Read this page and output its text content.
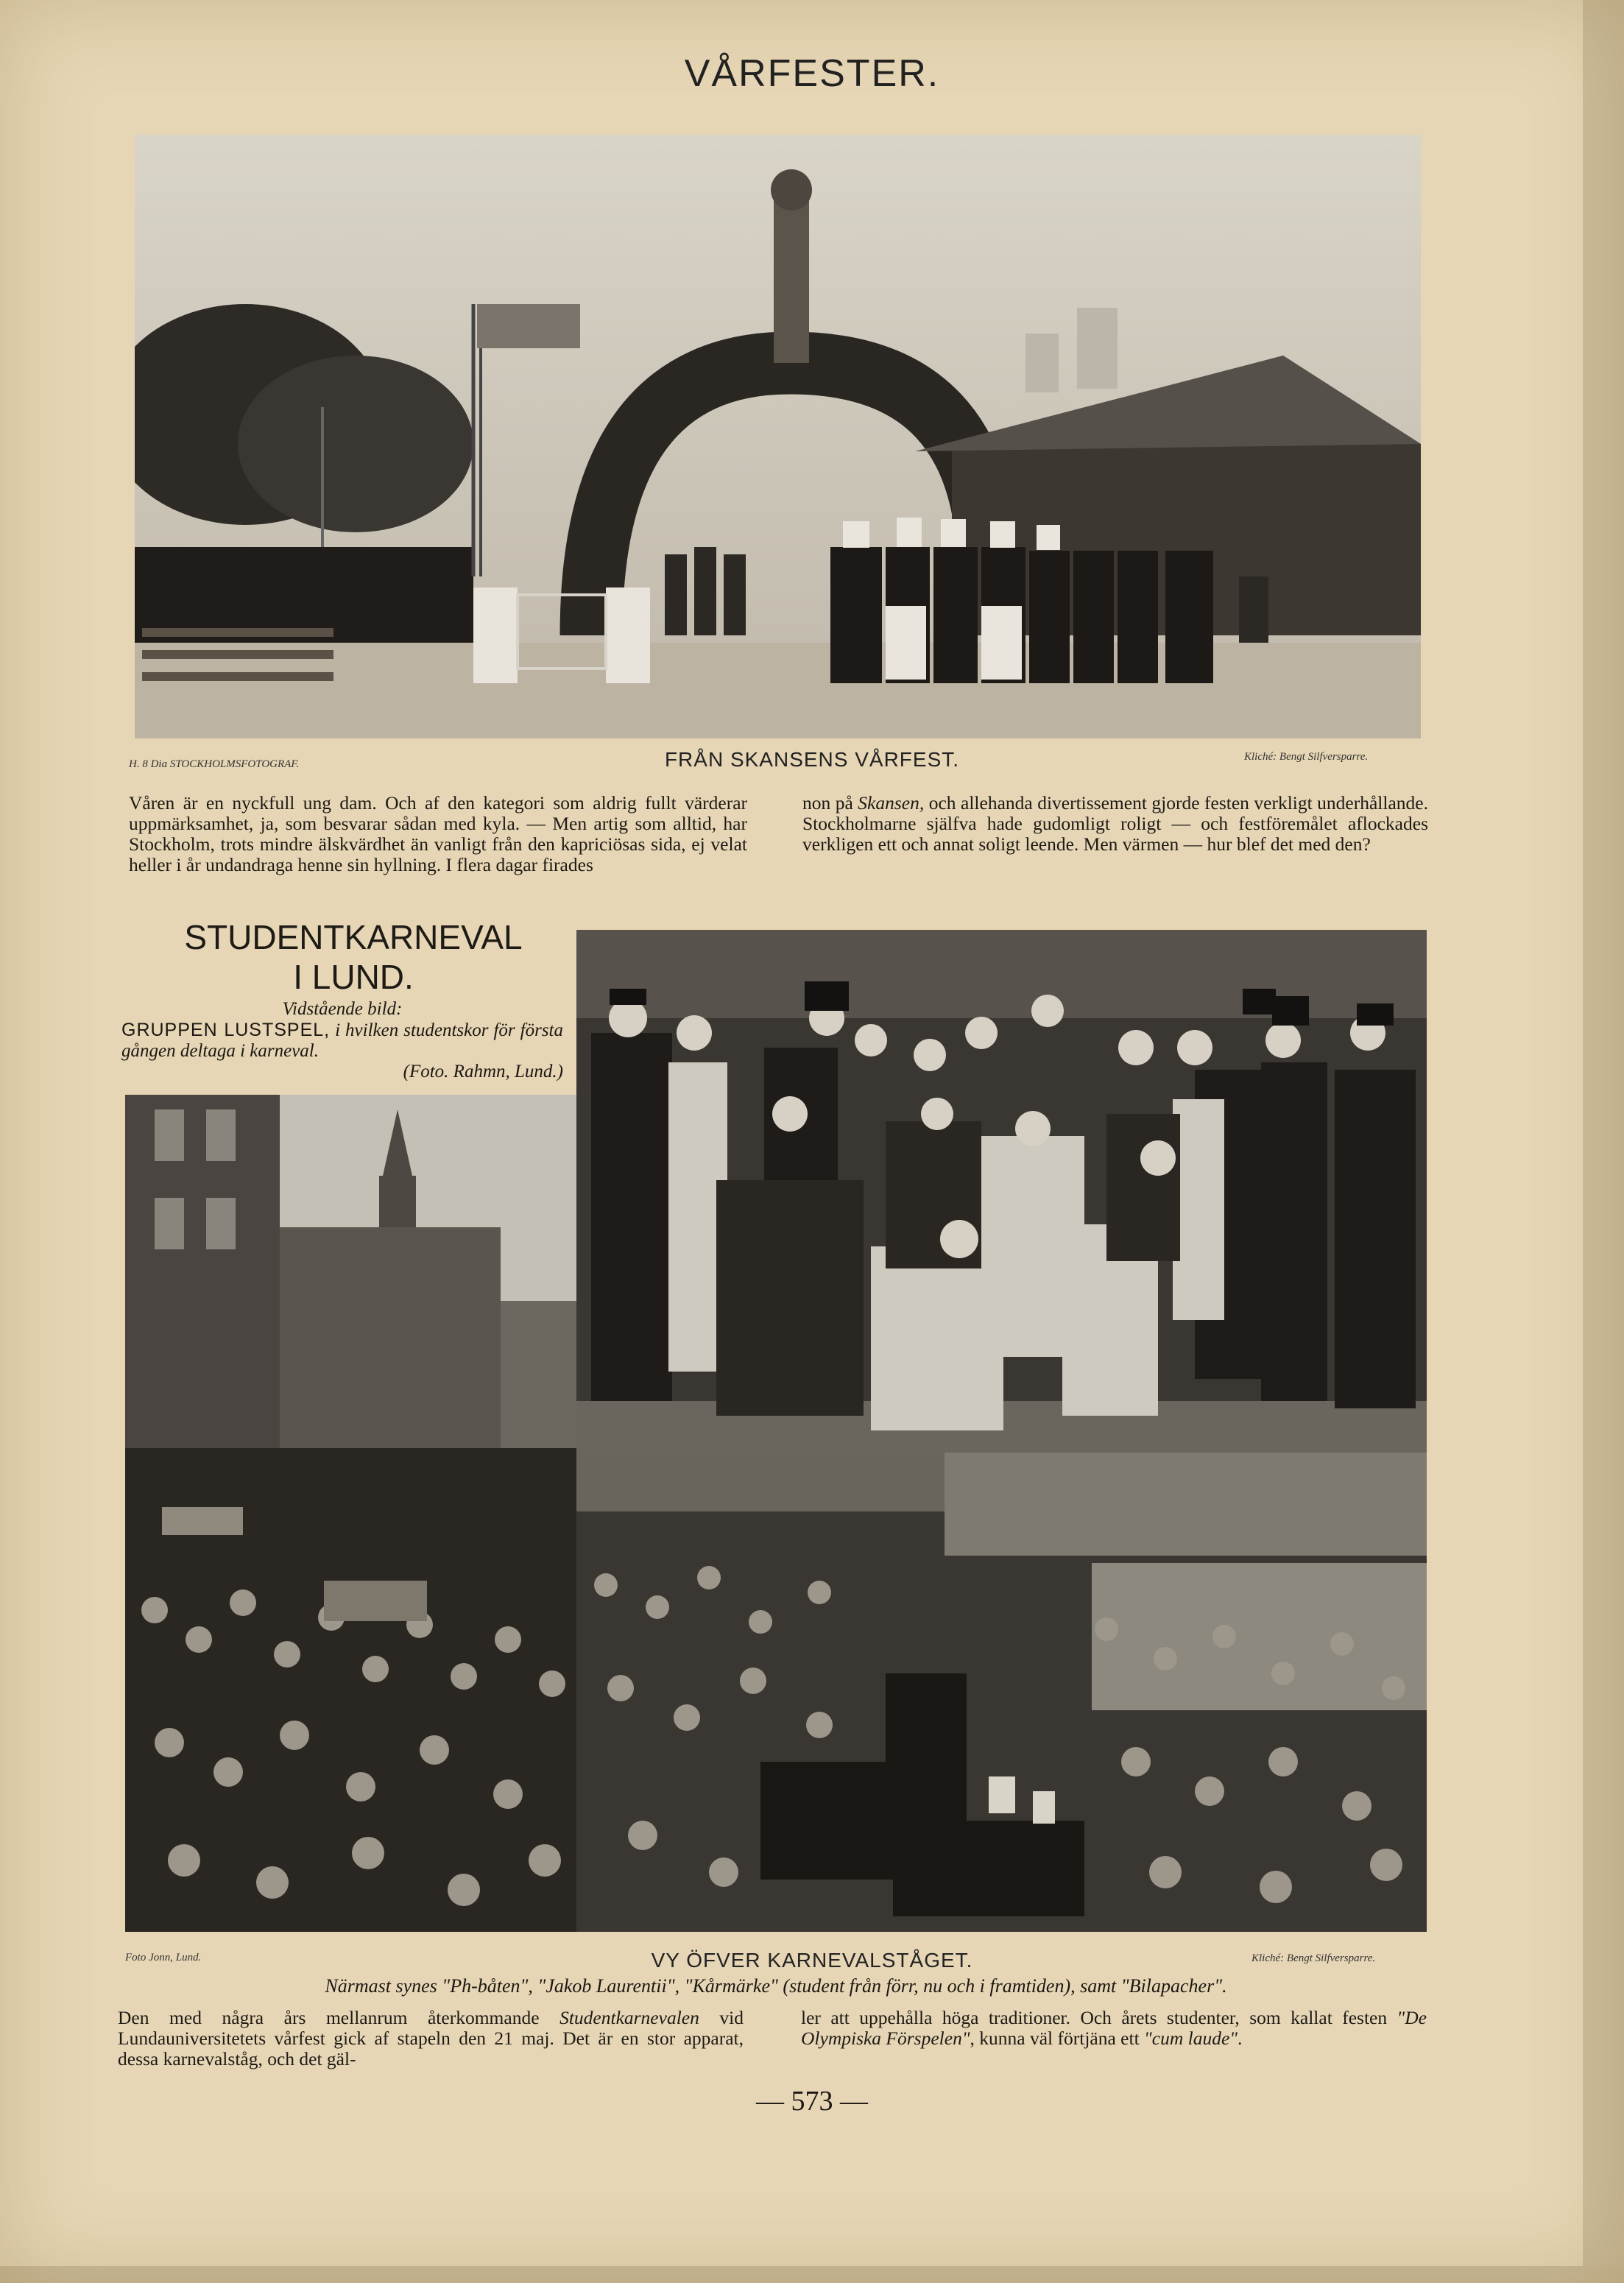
VÅRFESTER.
H. 8 Dia STOCKHOLMSFOTOGRAF.	FRÅN SKANSENS VÅRFEST.	Kliché: Bengt Silfversparre.
Våren är en nyckfull ung dam. Och af den kategori som aldrig fullt värderar uppmärksamhet, ja, som besvarar sådan med kyla. — Men artig som alltid, har Stockholm, trots mindre älskvärdhet än vanligt från den kapriciösas sida, ej velat heller i år undandraga henne sin hyllning. I flera dagar firades
non på Skansen, och allehanda divertissement gjorde festen verkligt underhållande. Stockholmarne själfva hade gudomligt roligt — och festföremålet aflockades verkligen ett och annat soligt leende. Men värmen — hur blef det med den?
STUDENTKARNEVAL
I LUND.
Vidstående bild:
GRUPPEN LUSTSPEL, i hvilken studentskor för första gången deltaga i karneval.
(Foto. Rahmn, Lund.)
Foto Jonn, Lund.	VY ÖFVER KARNEVALSTÅGET.	Kliché: Bengt Silfversparre.
Närmast synes "Ph-båten", "Jakob Laurentii", "Kårmärke" (student från förr, nu och i framtiden), samt "Bilapacher".
Den med några års mellanrum återkommande Studentkarnevalen vid Lundauniversitetets vårfest gick af stapeln den 21 maj. Det är en stor apparat, dessa karnevalståg, och det gäl-
ler att uppehålla höga traditioner. Och årets studenter, som kallat festen "De Olympiska Förspelen", kunna väl förtjäna ett "cum laude".
— 573 —
